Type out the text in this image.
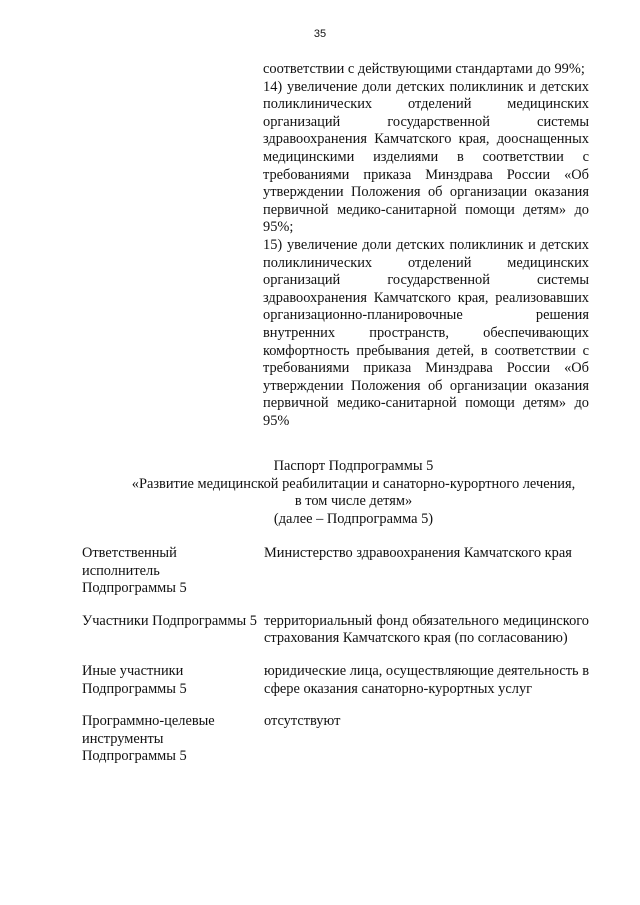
35

соответствии с действующими стандартами до 99%;

14) увеличение доли детских поликлиник и детских поликлинических отделений медицинских организаций государственной системы здравоохранения Камчатского края, дооснащенных медицинскими изделиями в соответствии с требованиями приказа Минздрава России «Об утверждении Положения об организации оказания первичной медико-санитарной помощи детям» до 95%;

15) увеличение доли детских поликлиник и детских поликлинических отделений медицинских организаций государственной системы здравоохранения Камчатского края, реализовавших организационно-планировочные решения внутренних пространств, обеспечивающих комфортность пребывания детей, в соответствии с требованиями приказа Минздрава России «Об утверждении Положения об организации оказания первичной медико-санитарной помощи детям» до 95%

Паспорт Подпрограммы 5
«Развитие медицинской реабилитации и санаторно-курортного лечения,
в том числе детям»
(далее – Подпрограмма 5)
Ответственный исполнитель Подпрограммы 5
Министерство здравоохранения Камчатского края
Участники Подпрограммы 5 территориальный фонд обязательного медицинского страхования Камчатского края (по согласованию)
Иные участники Подпрограммы 5
юридические лица, осуществляющие деятельность в сфере оказания санаторно-курортных услуг
Программно-целевые инструменты Подпрограммы 5
отсутствуют
